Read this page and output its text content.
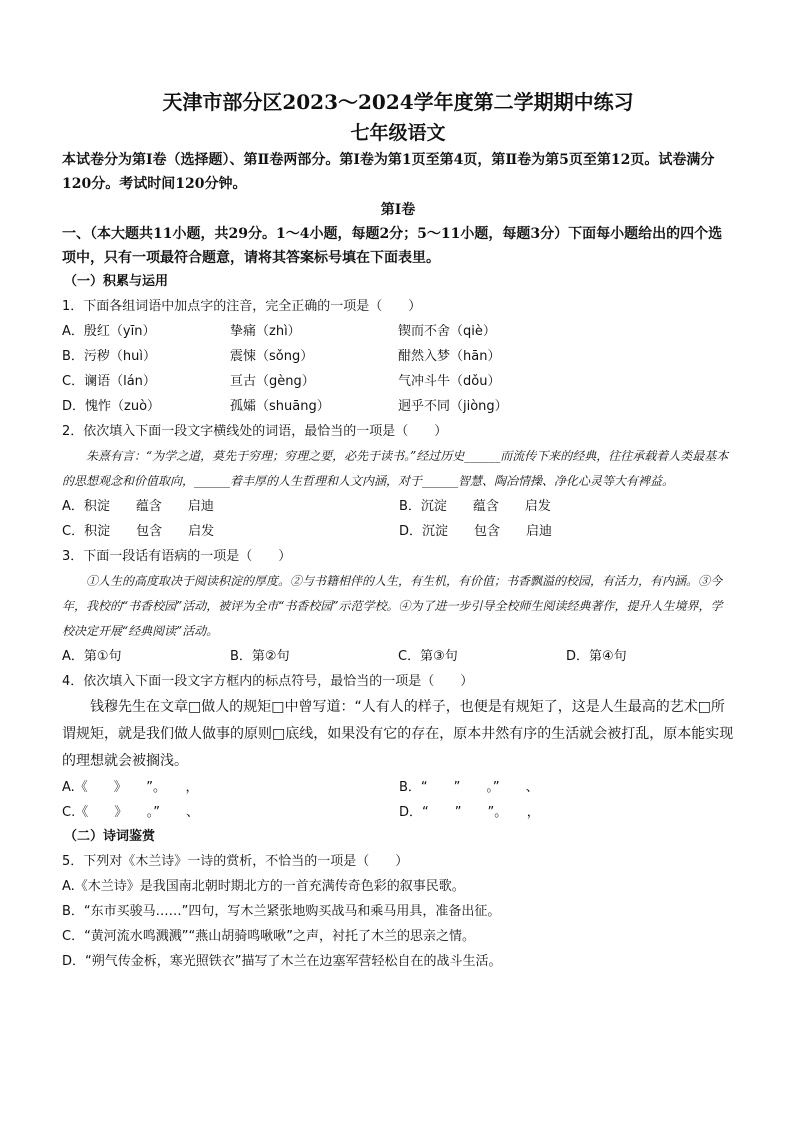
天津市部分区2023～2024学年度第二学期期中练习

七年级语文

本试卷分为第Ⅰ卷（选择题）、第Ⅱ卷两部分。第Ⅰ卷为第1页至第4页，第Ⅱ卷为第5页至第12页。试卷满分120分。考试时间120分钟。

第Ⅰ卷

一、（本大题共11小题，共29分。1～4小题，每题2分；5～11小题，每题3分）下面每小题给出的四个选项中，只有一项最符合题意，请将其答案标号填在下面表里。

（一）积累与运用

1．下面各组词语中加点字的注音，完全正确的一项是（　　）

A．殷红（yīn）	挚痛（zhì）	锲而不舍（qiè）
B．污秽（huì）	震悚（sǒng）	酣然入梦（hān）
C．谰语（lán）	亘古（gèng）	气冲斗牛（dǒu）
D．愧怍（zuò）	孤孀（shuāng）	迥乎不同（jiòng）

2．依次填入下面一段文字横线处的词语，最恰当的一项是（　　）

朱熹有言：“为学之道，莫先于穷理；穷理之要，必先于读书。”经过历史______而流传下来的经典，往往承载着人类最基本的思想观念和价值取向，______着丰厚的人生哲理和人文内涵，对于______智慧、陶冶情操、净化心灵等大有裨益。

A．积淀　　蕴含　　启迪	B．沉淀　　蕴含　　启发
C．积淀　　包含　　启发	D．沉淀　　包含　　启迪

3．下面一段话有语病的一项是（　　）

①人生的高度取决于阅读积淀的厚度。②与书籍相伴的人生，有生机，有价值；书香飘溢的校园，有活力，有内涵。③今年，我校的“书香校园”活动，被评为全市“书香校园”示范学校。④为了进一步引导全校师生阅读经典著作，提升人生境界，学校决定开展“经典阅读”活动。

A．第①句	B．第②句	C．第③句	D．第④句

4．依次填入下面一段文字方框内的标点符号，最恰当的一项是（　　）

钱穆先生在文章□做人的规矩□中曾写道：“人有人的样子，也便是有规矩了，这是人生最高的艺术□所谓规矩，就是我们做人做事的原则□底线，如果没有它的存在，原本井然有序的生活就会被打乱，原本能实现的理想就会被搁浅。

A.《　　》　　”。　　，	B．“　　”　　。”　　、
C.《　　》　　。”　　、	D．“　　”　　”。　　，

（二）诗词鉴赏

5．下列对《木兰诗》一诗的赏析，不恰当的一项是（　　）

A.《木兰诗》是我国南北朝时期北方的一首充满传奇色彩的叙事民歌。

B．“东市买骏马……”四句，写木兰紧张地购买战马和乘马用具，准备出征。

C．“黄河流水鸣溅溅”“燕山胡骑鸣啾啾”之声，衬托了木兰的思亲之情。

D．“朔气传金柝，寒光照铁衣”描写了木兰在边塞军营轻松自在的战斗生活。
